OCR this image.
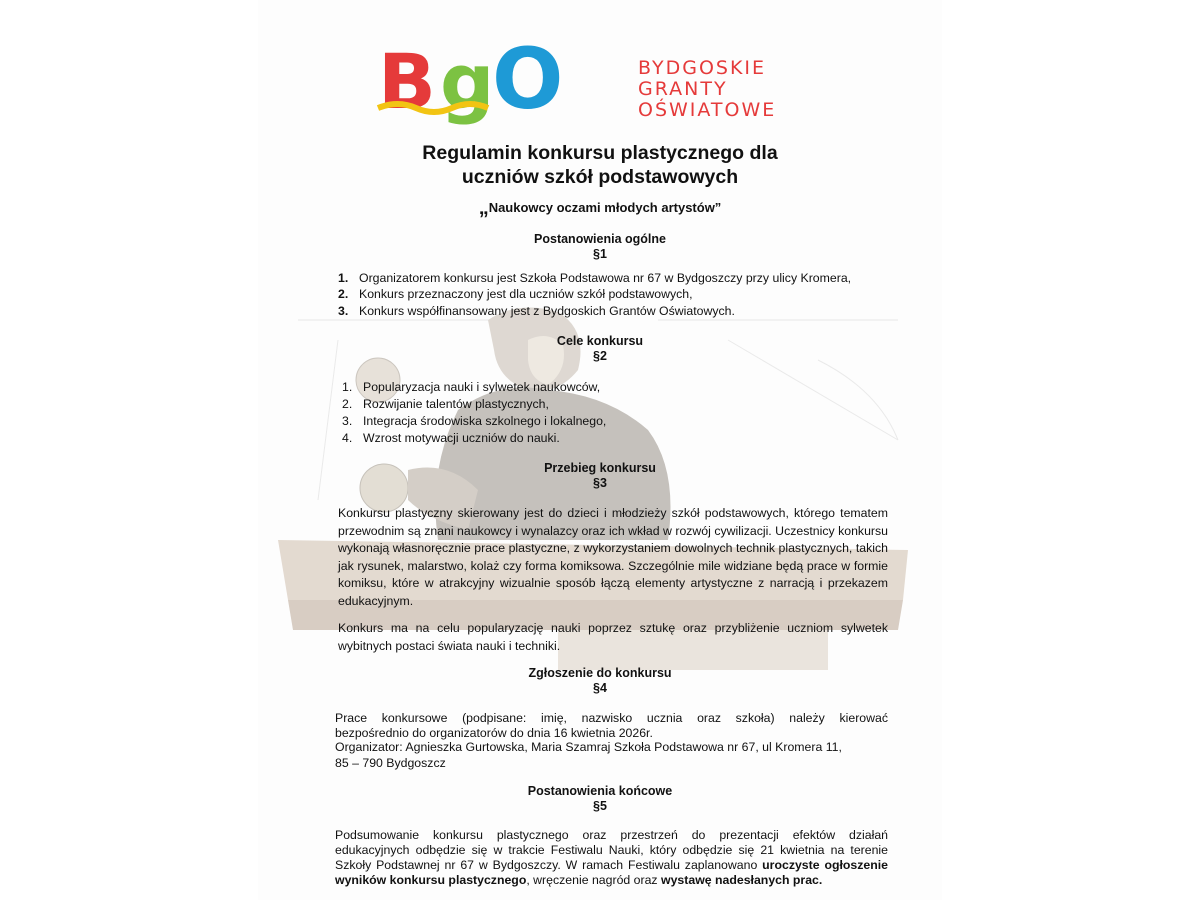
B g
O	BYDGOSKIE
GRANTY
OŚWIATOWE
Regulamin konkursu plastycznego dla
uczniów szkół podstawowych
„Naukowcy oczami młodych artystów”
Postanowienia ogólne
§1
1. Organizatorem konkursu jest Szkoła Podstawowa nr 67 w Bydgoszczy przy ulicy Kromera,
2. Konkurs przeznaczony jest dla uczniów szkół podstawowych,
3. Konkurs współfinansowany jest z Bydgoskich Grantów Oświatowych.
Cele konkursu
§2
1. Popularyzacja nauki i sylwetek naukowców,
2. Rozwijanie talentów plastycznych,
3. Integracja środowiska szkolnego i lokalnego,
4. Wzrost motywacji uczniów do nauki.
Przebieg konkursu
§3
Konkursu plastyczny skierowany jest do dzieci i młodzieży szkół podstawowych, którego tematem przewodnim są znani naukowcy i wynalazcy oraz ich wkład w rozwój cywilizacji. Uczestnicy konkursu wykonają własnoręcznie prace plastyczne, z wykorzystaniem dowolnych technik plastycznych, takich jak rysunek, malarstwo, kolaż czy forma komiksowa. Szczególnie mile widziane będą prace w formie komiksu, które w atrakcyjny wizualnie sposób łączą elementy artystyczne z narracją i przekazem edukacyjnym.
Konkurs ma na celu popularyzację nauki poprzez sztukę oraz przybliżenie uczniom sylwetek wybitnych postaci świata nauki i techniki.
Zgłoszenie do konkursu
§4
Prace konkursowe (podpisane: imię, nazwisko ucznia oraz szkoła) należy kierować
bezpośrednio do organizatorów do dnia 16 kwietnia 2026r.
Organizator: Agnieszka Gurtowska, Maria Szamraj Szkoła Podstawowa nr 67, ul Kromera 11,
85 – 790 Bydgoszcz
Postanowienia końcowe
§5
Podsumowanie konkursu plastycznego oraz przestrzeń do prezentacji efektów działań
edukacyjnych odbędzie się w trakcie Festiwalu Nauki, który odbędzie się 21 kwietnia na terenie
Szkoły Podstawnej nr 67 w Bydgoszczy. W ramach Festiwalu zaplanowano uroczyste ogłoszenie
wyników konkursu plastycznego, wręczenie nagród oraz wystawę nadesłanych prac.
